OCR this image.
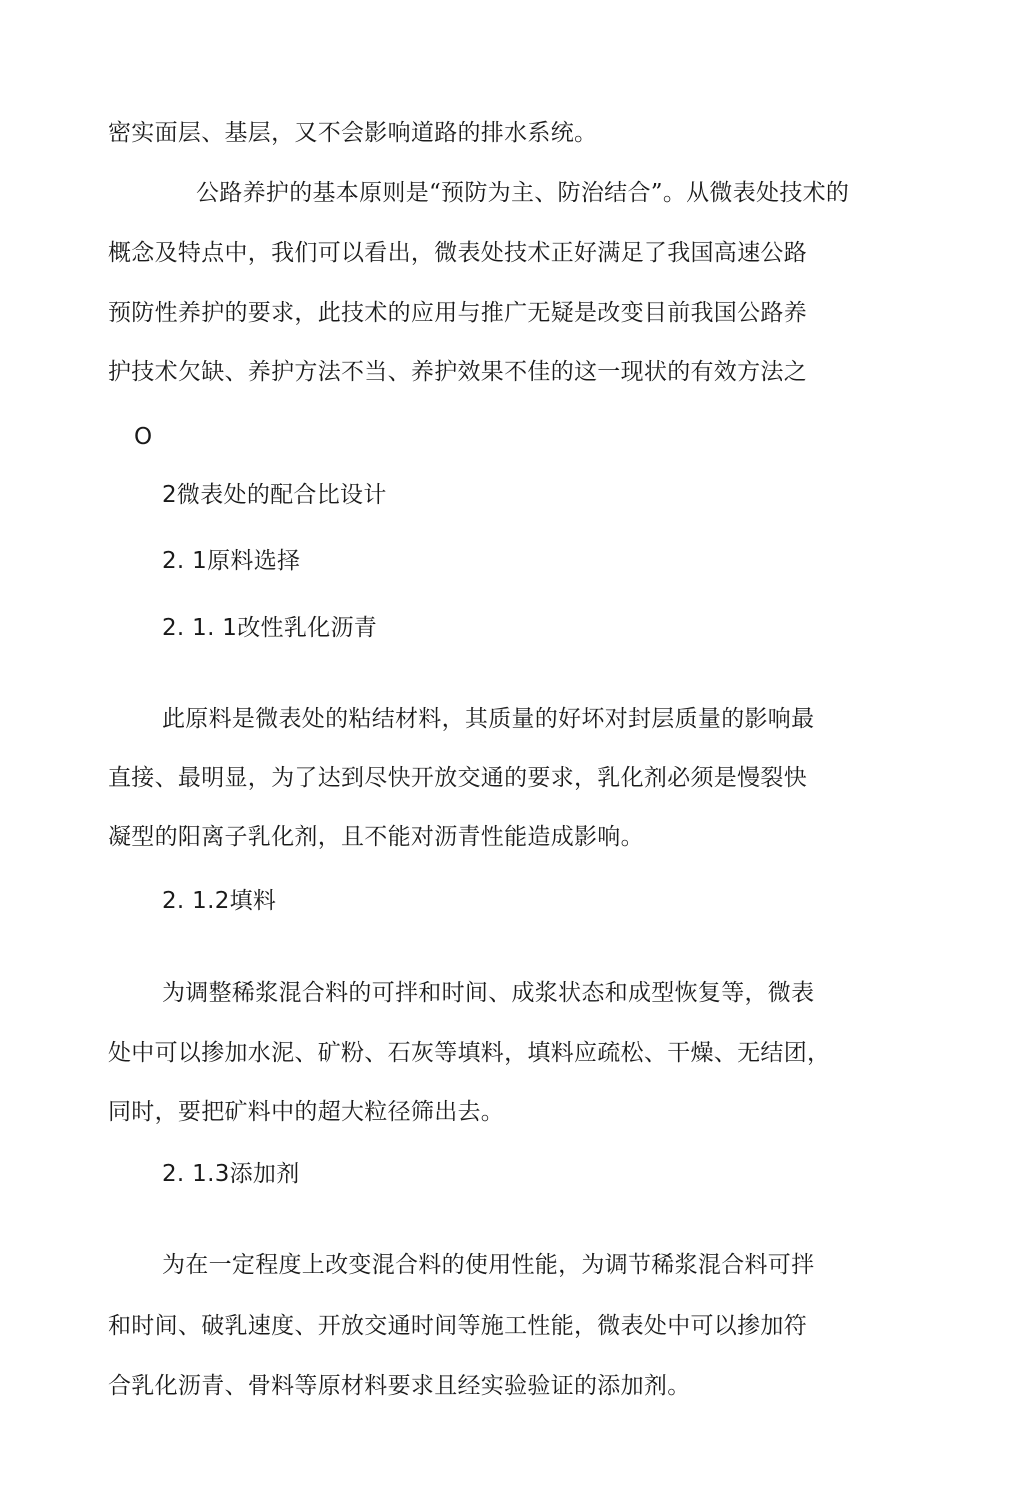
密实面层、基层，又不会影响道路的排水系统。
公路养护的基本原则是“预防为主、防治结合”。从微表处技术的
概念及特点中，我们可以看出，微表处技术正好满足了我国高速公路
预防性养护的要求，此技术的应用与推广无疑是改变目前我国公路养
护技术欠缺、养护方法不当、养护效果不佳的这一现状的有效方法之
O
2微表处的配合比设计
2. 1原料选择
2. 1. 1改性乳化沥青
此原料是微表处的粘结材料，其质量的好坏对封层质量的影响最
直接、最明显，为了达到尽快开放交通的要求，乳化剂必须是慢裂快
凝型的阳离子乳化剂，且不能对沥青性能造成影响。
2. 1.2填料
为调整稀浆混合料的可拌和时间、成浆状态和成型恢复等，微表
处中可以掺加水泥、矿粉、石灰等填料，填料应疏松、干燥、无结团，
同时，要把矿料中的超大粒径筛出去。
2. 1.3添加剂
为在一定程度上改变混合料的使用性能，为调节稀浆混合料可拌
和时间、破乳速度、开放交通时间等施工性能，微表处中可以掺加符
合乳化沥青、骨料等原材料要求且经实验验证的添加剂。
